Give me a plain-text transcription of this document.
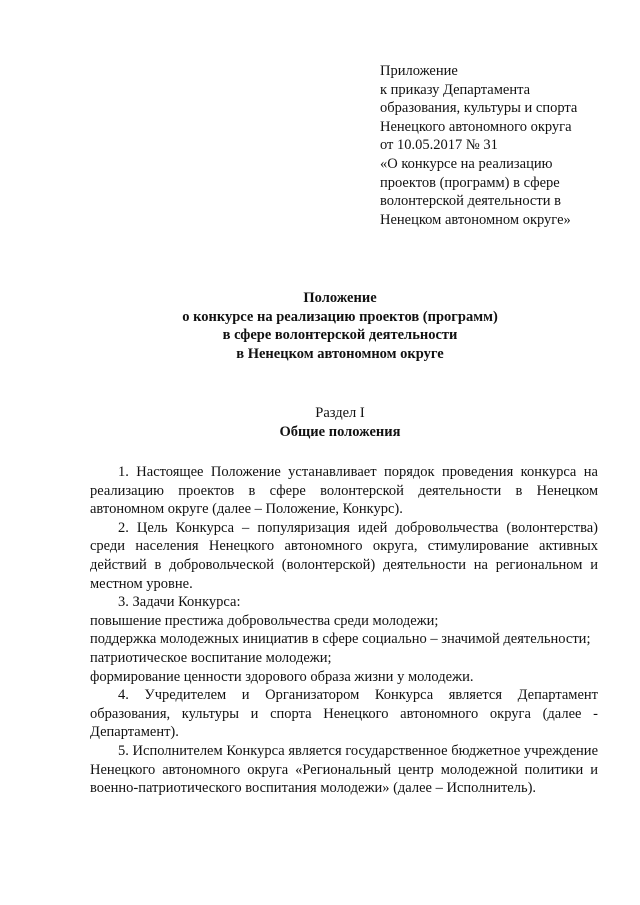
Приложение
к приказу Департамента
образования, культуры и спорта
Ненецкого автономного округа
от 10.05.2017 № 31
«О конкурсе на реализацию
проектов (программ) в сфере
волонтерской деятельности в
Ненецком автономном округе»
Положение
о конкурсе на реализацию проектов (программ)
в сфере волонтерской деятельности
в Ненецком автономном округе
Раздел I
Общие положения

1. Настоящее Положение устанавливает порядок проведения конкурса на реализацию проектов в сфере волонтерской деятельности в Ненецком автономном округе (далее – Положение, Конкурс).

2. Цель Конкурса – популяризация идей добровольчества (волонтерства) среди населения Ненецкого автономного округа, стимулирование активных действий в добровольческой (волонтерской) деятельности на региональном и местном уровне.

3. Задачи Конкурса:

повышение престижа добровольчества среди молодежи;

поддержка молодежных инициатив в сфере социально – значимой деятельности;

патриотическое воспитание молодежи;

формирование ценности здорового образа жизни у молодежи.

4. Учредителем и Организатором Конкурса является Департамент образования, культуры и спорта Ненецкого автономного округа (далее - Департамент).

5. Исполнителем Конкурса является государственное бюджетное учреждение Ненецкого автономного округа «Региональный центр молодежной политики и военно-патриотического воспитания молодежи» (далее – Исполнитель).
